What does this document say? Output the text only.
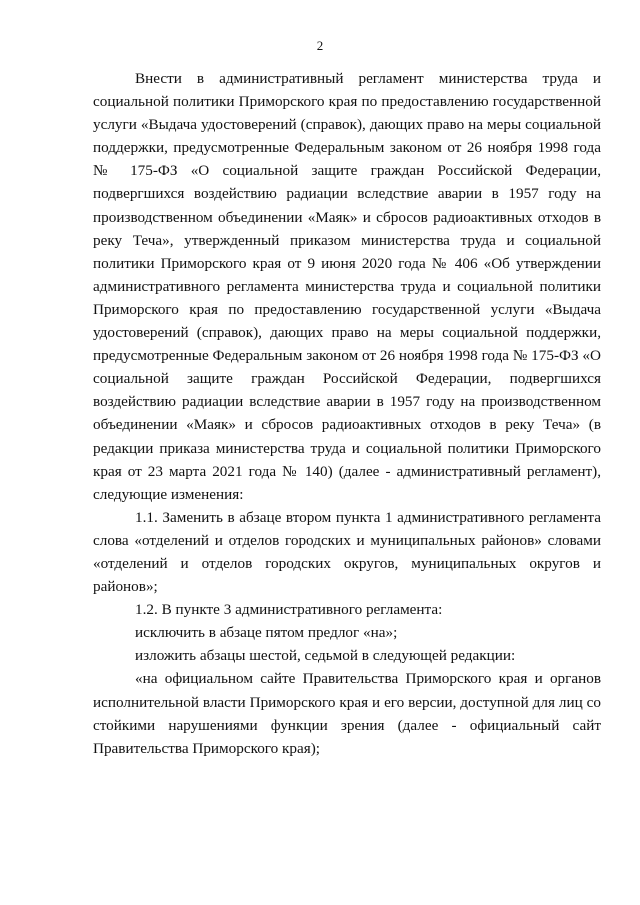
2

Внести в административный регламент министерства труда и социальной политики Приморского края по предоставлению государственной услуги «Выдача удостоверений (справок), дающих право на меры социальной поддержки, предусмотренные Федеральным законом от 26 ноября 1998 года № 175-ФЗ «О социальной защите граждан Российской Федерации, подвергшихся воздействию радиации вследствие аварии в 1957 году на производственном объединении «Маяк» и сбросов радиоактивных отходов в реку Теча», утвержденный приказом министерства труда и социальной политики Приморского края от 9 июня 2020 года № 406 «Об утверждении административного регламента министерства труда и социальной политики Приморского края по предоставлению государственной услуги «Выдача удостоверений (справок), дающих право на меры социальной поддержки, предусмотренные Федеральным законом от 26 ноября 1998 года № 175-ФЗ «О социальной защите граждан Российской Федерации, подвергшихся воздействию радиации вследствие аварии в 1957 году на производственном объединении «Маяк» и сбросов радиоактивных отходов в реку Теча» (в редакции приказа министерства труда и социальной политики Приморского края от 23 марта 2021 года № 140) (далее - административный регламент), следующие изменения:

1.1. Заменить в абзаце втором пункта 1 административного регламента слова «отделений и отделов городских и муниципальных районов» словами «отделений и отделов городских округов, муниципальных округов и районов»;

1.2. В пункте 3 административного регламента:

исключить в абзаце пятом предлог «на»;

изложить абзацы шестой, седьмой в следующей редакции:

«на официальном сайте Правительства Приморского края и органов исполнительной власти Приморского края и его версии, доступной для лиц со стойкими нарушениями функции зрения (далее - официальный сайт Правительства Приморского края);
